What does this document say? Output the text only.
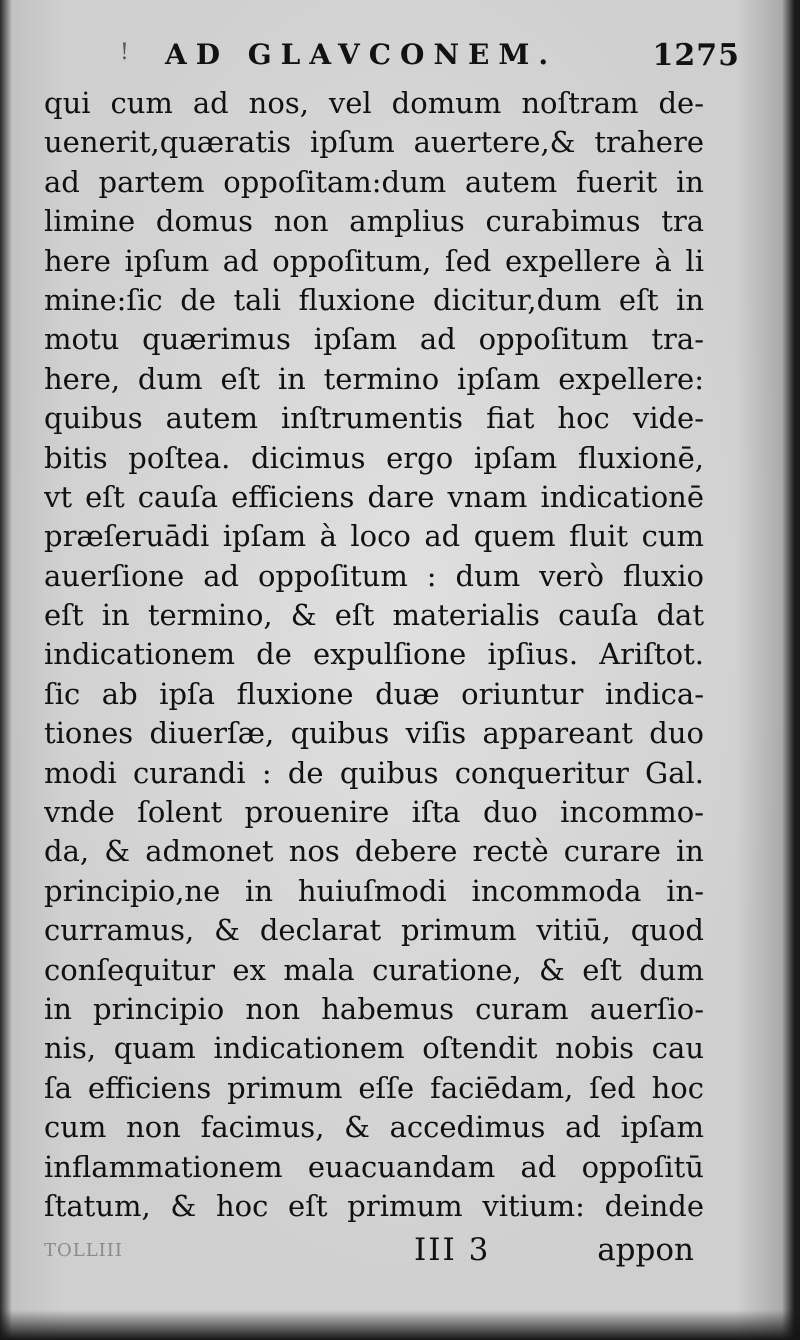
! AD GLAVCONEM.	1275
qui cum ad nos, vel domum noſtram de-
uenerit,quæratis ipſum auertere,& trahere
ad partem oppoſitam:dum autem fuerit in
limine domus non amplius curabimus tra
here ipſum ad oppoſitum, ſed expellere à li
mine:ſic de tali fluxione dicitur,dum eſt in
motu quærimus ipſam ad oppoſitum tra-
here, dum eſt in termino ipſam expellere:
quibus autem inſtrumentis fiat hoc vide-
bitis poſtea. dicimus ergo ipſam fluxionē,
vt eſt cauſa efficiens dare vnam indicationē
præſeruādi ipſam à loco ad quem fluit cum
auerſione ad oppoſitum : dum verò fluxio
eſt in termino, & eſt materialis cauſa dat
indicationem de expulſione ipſius. Ariſtot.
ſic ab ipſa fluxione duæ oriuntur indica-
tiones diuerſæ, quibus viſis appareant duo
modi curandi : de quibus conqueritur Gal.
vnde ſolent prouenire iſta duo incommo-
da, & admonet nos debere rectè curare in
principio,ne in huiuſmodi incommoda in-
curramus, & declarat primum vitiū, quod
conſequitur ex mala curatione, & eſt dum
in principio non habemus curam auerſio-
nis, quam indicationem oſtendit nobis cau
ſa efficiens primum eſſe faciēdam, ſed hoc
cum non facimus, & accedimus ad ipſam
inflammationem euacuandam ad oppoſitū
ſtatum, & hoc eſt primum vitium: deinde
TOLLIII	III 3	appon
